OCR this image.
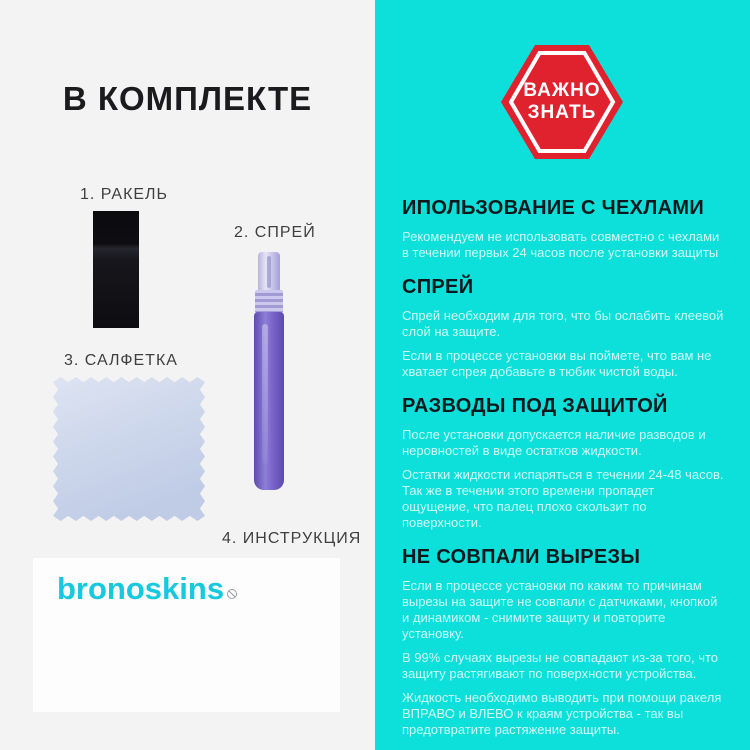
В КОМПЛЕКТЕ
1. РАКЕЛЬ
2. СПРЕЙ
3. САЛФЕТКА
4. ИНСТРУКЦИЯ
bronoskins
ВАЖНО
ЗНАТЬ
ИПОЛЬЗОВАНИЕ С ЧЕХЛАМИ

Рекомендуем не использовать совместно с чехлами в течении первых 24 часов после установки защиты

СПРЕЙ

Спрей необходим для того, что бы ослабить клеевой слой на защите.

Если в процессе установки вы поймете, что вам не хватает спрея добавьте в тюбик чистой воды.

РАЗВОДЫ ПОД ЗАЩИТОЙ

После установки допускается наличие разводов и неровностей в виде остатков жидкости.

Остатки жидкости испаряться в течении 24-48 часов. Так же в течении этого времени пропадет ощущение, что палец плохо скользит по поверхности.

НЕ СОВПАЛИ ВЫРЕЗЫ

Если в процессе установки по каким то причинам вырезы на защите не совпали с датчиками, кнопкой и динамиком - снимите защиту и повторите установку.

В 99% случаях вырезы не совпадают из-за того, что защиту растягивают по поверхности устройства.

Жидкость необходимо выводить при помощи ракеля ВПРАВО и ВЛЕВО к краям устройства - так вы предотвратите растяжение защиты.
